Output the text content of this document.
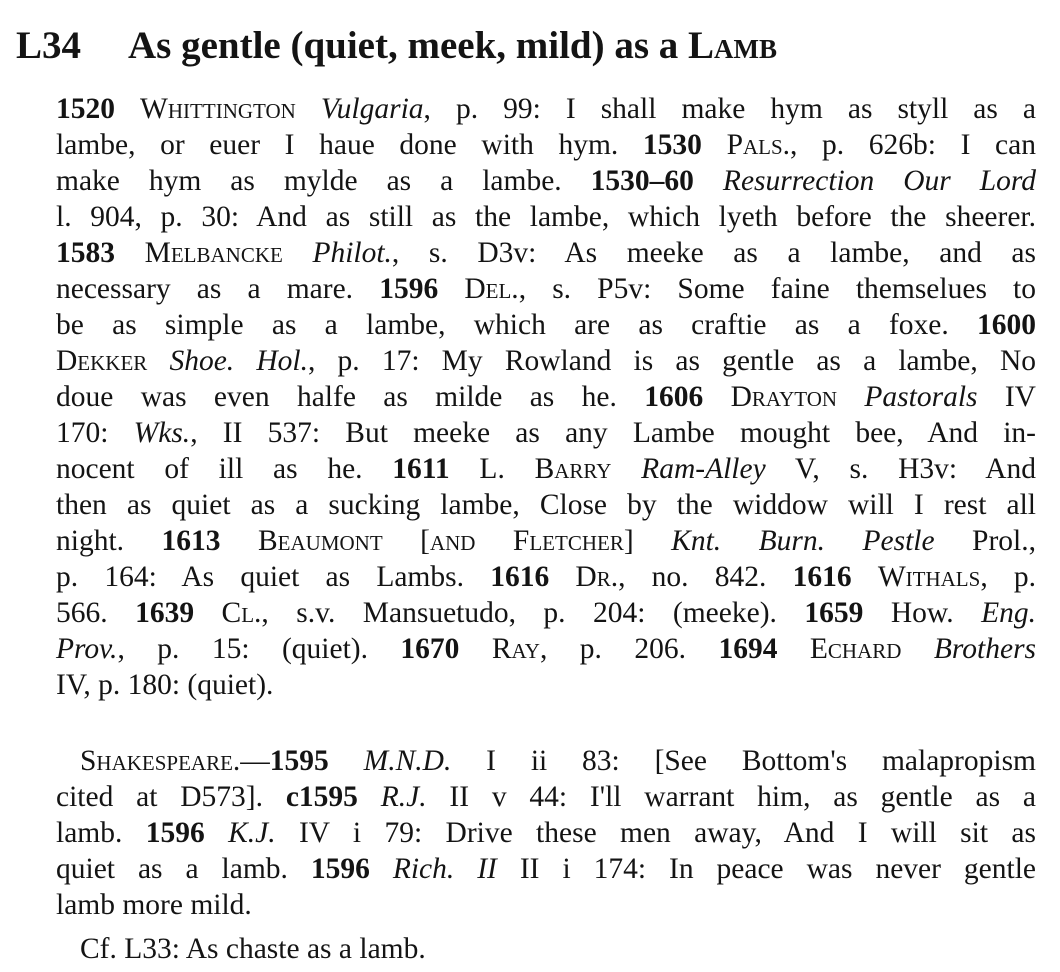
L34 As gentle (quiet, meek, mild) as a Lamb
1520 Whittington Vulgaria, p. 99: I shall make hym as styll as a
lambe, or euer I haue done with hym. 1530 Pals., p. 626b: I can
make hym as mylde as a lambe. 1530–60 Resurrection Our Lord
l. 904, p. 30: And as still as the lambe, which lyeth before the sheerer.
1583 Melbancke Philot., s. D3v: As meeke as a lambe, and as
necessary as a mare. 1596 Del., s. P5v: Some faine themselues to
be as simple as a lambe, which are as craftie as a foxe. 1600
Dekker Shoe. Hol., p. 17: My Rowland is as gentle as a lambe, No
doue was even halfe as milde as he. 1606 Drayton Pastorals IV
170: Wks., II 537: But meeke as any Lambe mought bee, And in-
nocent of ill as he. 1611 L. Barry Ram-Alley V, s. H3v: And
then as quiet as a sucking lambe, Close by the widdow will I rest all
night. 1613 Beaumont [and Fletcher] Knt. Burn. Pestle Prol.,
p. 164: As quiet as Lambs. 1616 Dr., no. 842. 1616 Withals, p.
566. 1639 Cl., s.v. Mansuetudo, p. 204: (meeke). 1659 How. Eng.
Prov., p. 15: (quiet). 1670 Ray, p. 206. 1694 Echard Brothers
IV, p. 180: (quiet).
Shakespeare.—1595 M.N.D. I ii 83: [See Bottom's malapropism
cited at D573]. c1595 R.J. II v 44: I'll warrant him, as gentle as a
lamb. 1596 K.J. IV i 79: Drive these men away, And I will sit as
quiet as a lamb. 1596 Rich. II II i 174: In peace was never gentle
lamb more mild.
Cf. L33: As chaste as a lamb.
